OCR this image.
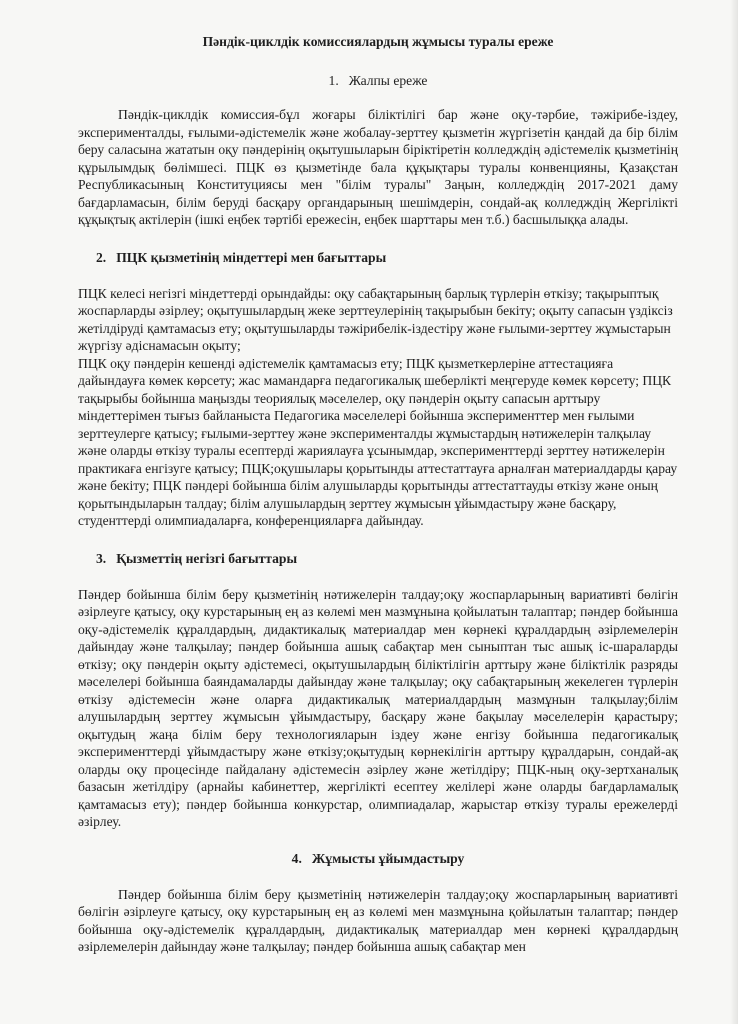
Пәндік-циклдік комиссиялардың жұмысы туралы ереже
1. Жалпы ереже

Пәндік-циклдік комиссия-бұл жоғары біліктілігі бар және оқу-тәрбие, тәжірибе-іздеу, эксперименталды, ғылыми-әдістемелік және жобалау-зерттеу қызметін жүргізетін қандай да бір білім беру саласына жататын оқу пәндерінің оқытушыларын біріктіретін колледждің әдістемелік қызметінің құрылымдық бөлімшесі. ПЦК өз қызметінде бала құқықтары туралы конвенцияны, Қазақстан Республикасының Конституциясы мен "білім туралы" Заңын, колледждің 2017-2021 даму бағдарламасын, білім беруді басқару органдарының шешімдерін, сондай-ақ колледждің Жергілікті құқықтық актілерін (ішкі еңбек тәртібі ережесін, еңбек шарттары мен т.б.) басшылыққа алады.

2. ПЦК қызметінің міндеттері мен бағыттары

ПЦК келесі негізгі міндеттерді орындайды: оқу сабақтарының барлық түрлерін өткізу; тақырыптық жоспарларды әзірлеу; оқытушылардың жеке зерттеулерінің тақырыбын бекіту; оқыту сапасын үздіксіз жетілдіруді қамтамасыз ету; оқытушыларды тәжірибелік-іздестіру және ғылыми-зерттеу жұмыстарын жүргізу әдіснамасын оқыту;

ПЦК оқу пәндерін кешенді әдістемелік қамтамасыз ету; ПЦК қызметкерлеріне аттестацияға дайындауға көмек көрсету; жас мамандарға педагогикалық шеберлікті меңгеруде көмек көрсету; ПЦК тақырыбы бойынша маңызды теориялық мәселелер, оқу пәндерін оқыту сапасын арттыру міндеттерімен тығыз байланыста Педагогика мәселелері бойынша эксперименттер мен ғылыми зерттеулерге қатысу; ғылыми-зерттеу және эксперименталды жұмыстардың нәтижелерін талқылау және оларды өткізу туралы есептерді жариялауға ұсынымдар, эксперименттерді зерттеу нәтижелерін практикаға енгізуге қатысу; ПЦК;оқушылары қорытынды аттестаттауға арналған материалдарды қарау және бекіту; ПЦК пәндері бойынша білім алушыларды қорытынды аттестаттауды өткізу және оның қорытындыларын талдау; білім алушылардың зерттеу жұмысын ұйымдастыру және басқару, студенттерді олимпиадаларға, конференцияларға дайындау.

3. Қызметтің негізгі бағыттары

Пәндер бойынша білім беру қызметінің нәтижелерін талдау;оқу жоспарларының вариативті бөлігін әзірлеуге қатысу, оқу курстарының ең аз көлемі мен мазмұнына қойылатын талаптар; пәндер бойынша оқу-әдістемелік құралдардың, дидактикалық материалдар мен көрнекі құралдардың әзірлемелерін дайындау және талқылау; пәндер бойынша ашық сабақтар мен сыныптан тыс ашық іс-шараларды өткізу; оқу пәндерін оқыту әдістемесі, оқытушылардың біліктілігін арттыру және біліктілік разряды мәселелері бойынша баяндамаларды дайындау және талқылау; оқу сабақтарының жекелеген түрлерін өткізу әдістемесін және оларға дидактикалық материалдардың мазмұнын талқылау;білім алушылардың зерттеу жұмысын ұйымдастыру, басқару және бақылау мәселелерін қарастыру; оқытудың жаңа білім беру технологияларын іздеу және енгізу бойынша педагогикалық эксперименттерді ұйымдастыру және өткізу;оқытудың көрнекілігін арттыру құралдарын, сондай-ақ оларды оқу процесінде пайдалану әдістемесін әзірлеу және жетілдіру; ПЦК-ның оқу-зертханалық базасын жетілдіру (арнайы кабинеттер, жергілікті есептеу желілері және оларды бағдарламалық қамтамасыз ету); пәндер бойынша конкурстар, олимпиадалар, жарыстар өткізу туралы ережелерді әзірлеу.

4. Жұмысты ұйымдастыру

Пәндер бойынша білім беру қызметінің нәтижелерін талдау;оқу жоспарларының вариативті бөлігін әзірлеуге қатысу, оқу курстарының ең аз көлемі мен мазмұнына қойылатын талаптар; пәндер бойынша оқу-әдістемелік құралдардың, дидактикалық материалдар мен көрнекі құралдардың әзірлемелерін дайындау және талқылау; пәндер бойынша ашық сабақтар мен
